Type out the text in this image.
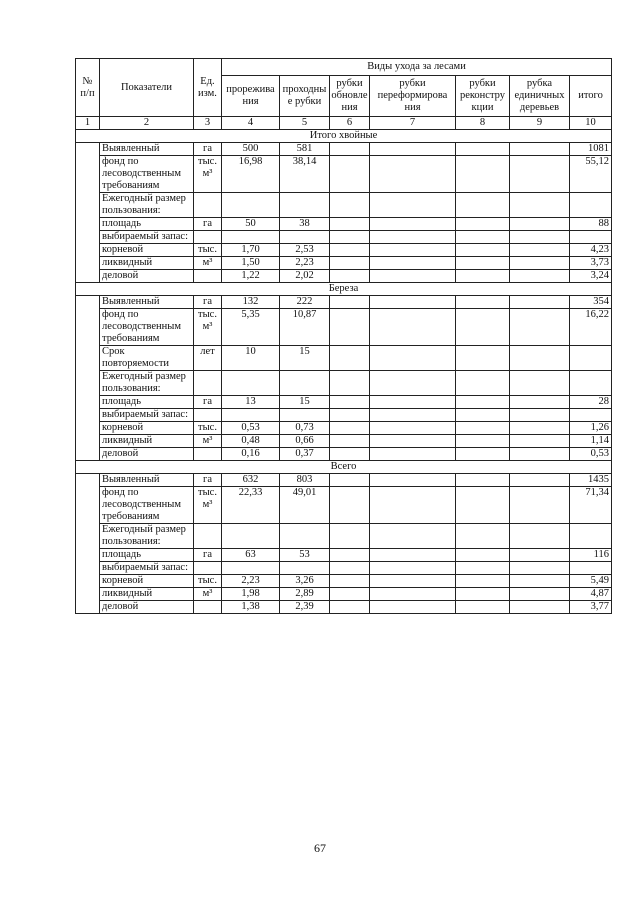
№ п/п	Показатели	Ед. изм.	Виды ухода за лесами						
			прорежива ния	проходны е рубки	рубки обновле ния	рубки переформирова ния	рубки реконстру кции	рубка единичных деревьев	итого
1	2	3	4	5	6	7	8	9	10
Итого хвойные									
	Выявленный	га	500	581					1081
	фонд по лесоводственным требованиям	тыс. м³	16,98	38,14					55,12
	Ежегодный размер пользования:								
	площадь	га	50	38					88
	выбираемый запас:								
	корневой	тыс.	1,70	2,53					4,23
	ликвидный	м³	1,50	2,23					3,73
	деловой		1,22	2,02					3,24
Береза									
	Выявленный	га	132	222					354
	фонд по лесоводственным требованиям	тыс. м³	5,35	10,87					16,22
	Срок повторяемости	лет	10	15					
	Ежегодный размер пользования:								
	площадь	га	13	15					28
	выбираемый запас:								
	корневой	тыс.	0,53	0,73					1,26
	ликвидный	м³	0,48	0,66					1,14
	деловой		0,16	0,37					0,53
Всего									
	Выявленный	га	632	803					1435
	фонд по лесоводственным требованиям	тыс. м³	22,33	49,01					71,34
	Ежегодный размер пользования:								
	площадь	га	63	53					116
	выбираемый запас:								
	корневой	тыс.	2,23	3,26					5,49
	ликвидный	м³	1,98	2,89					4,87
	деловой		1,38	2,39					3,77
67
